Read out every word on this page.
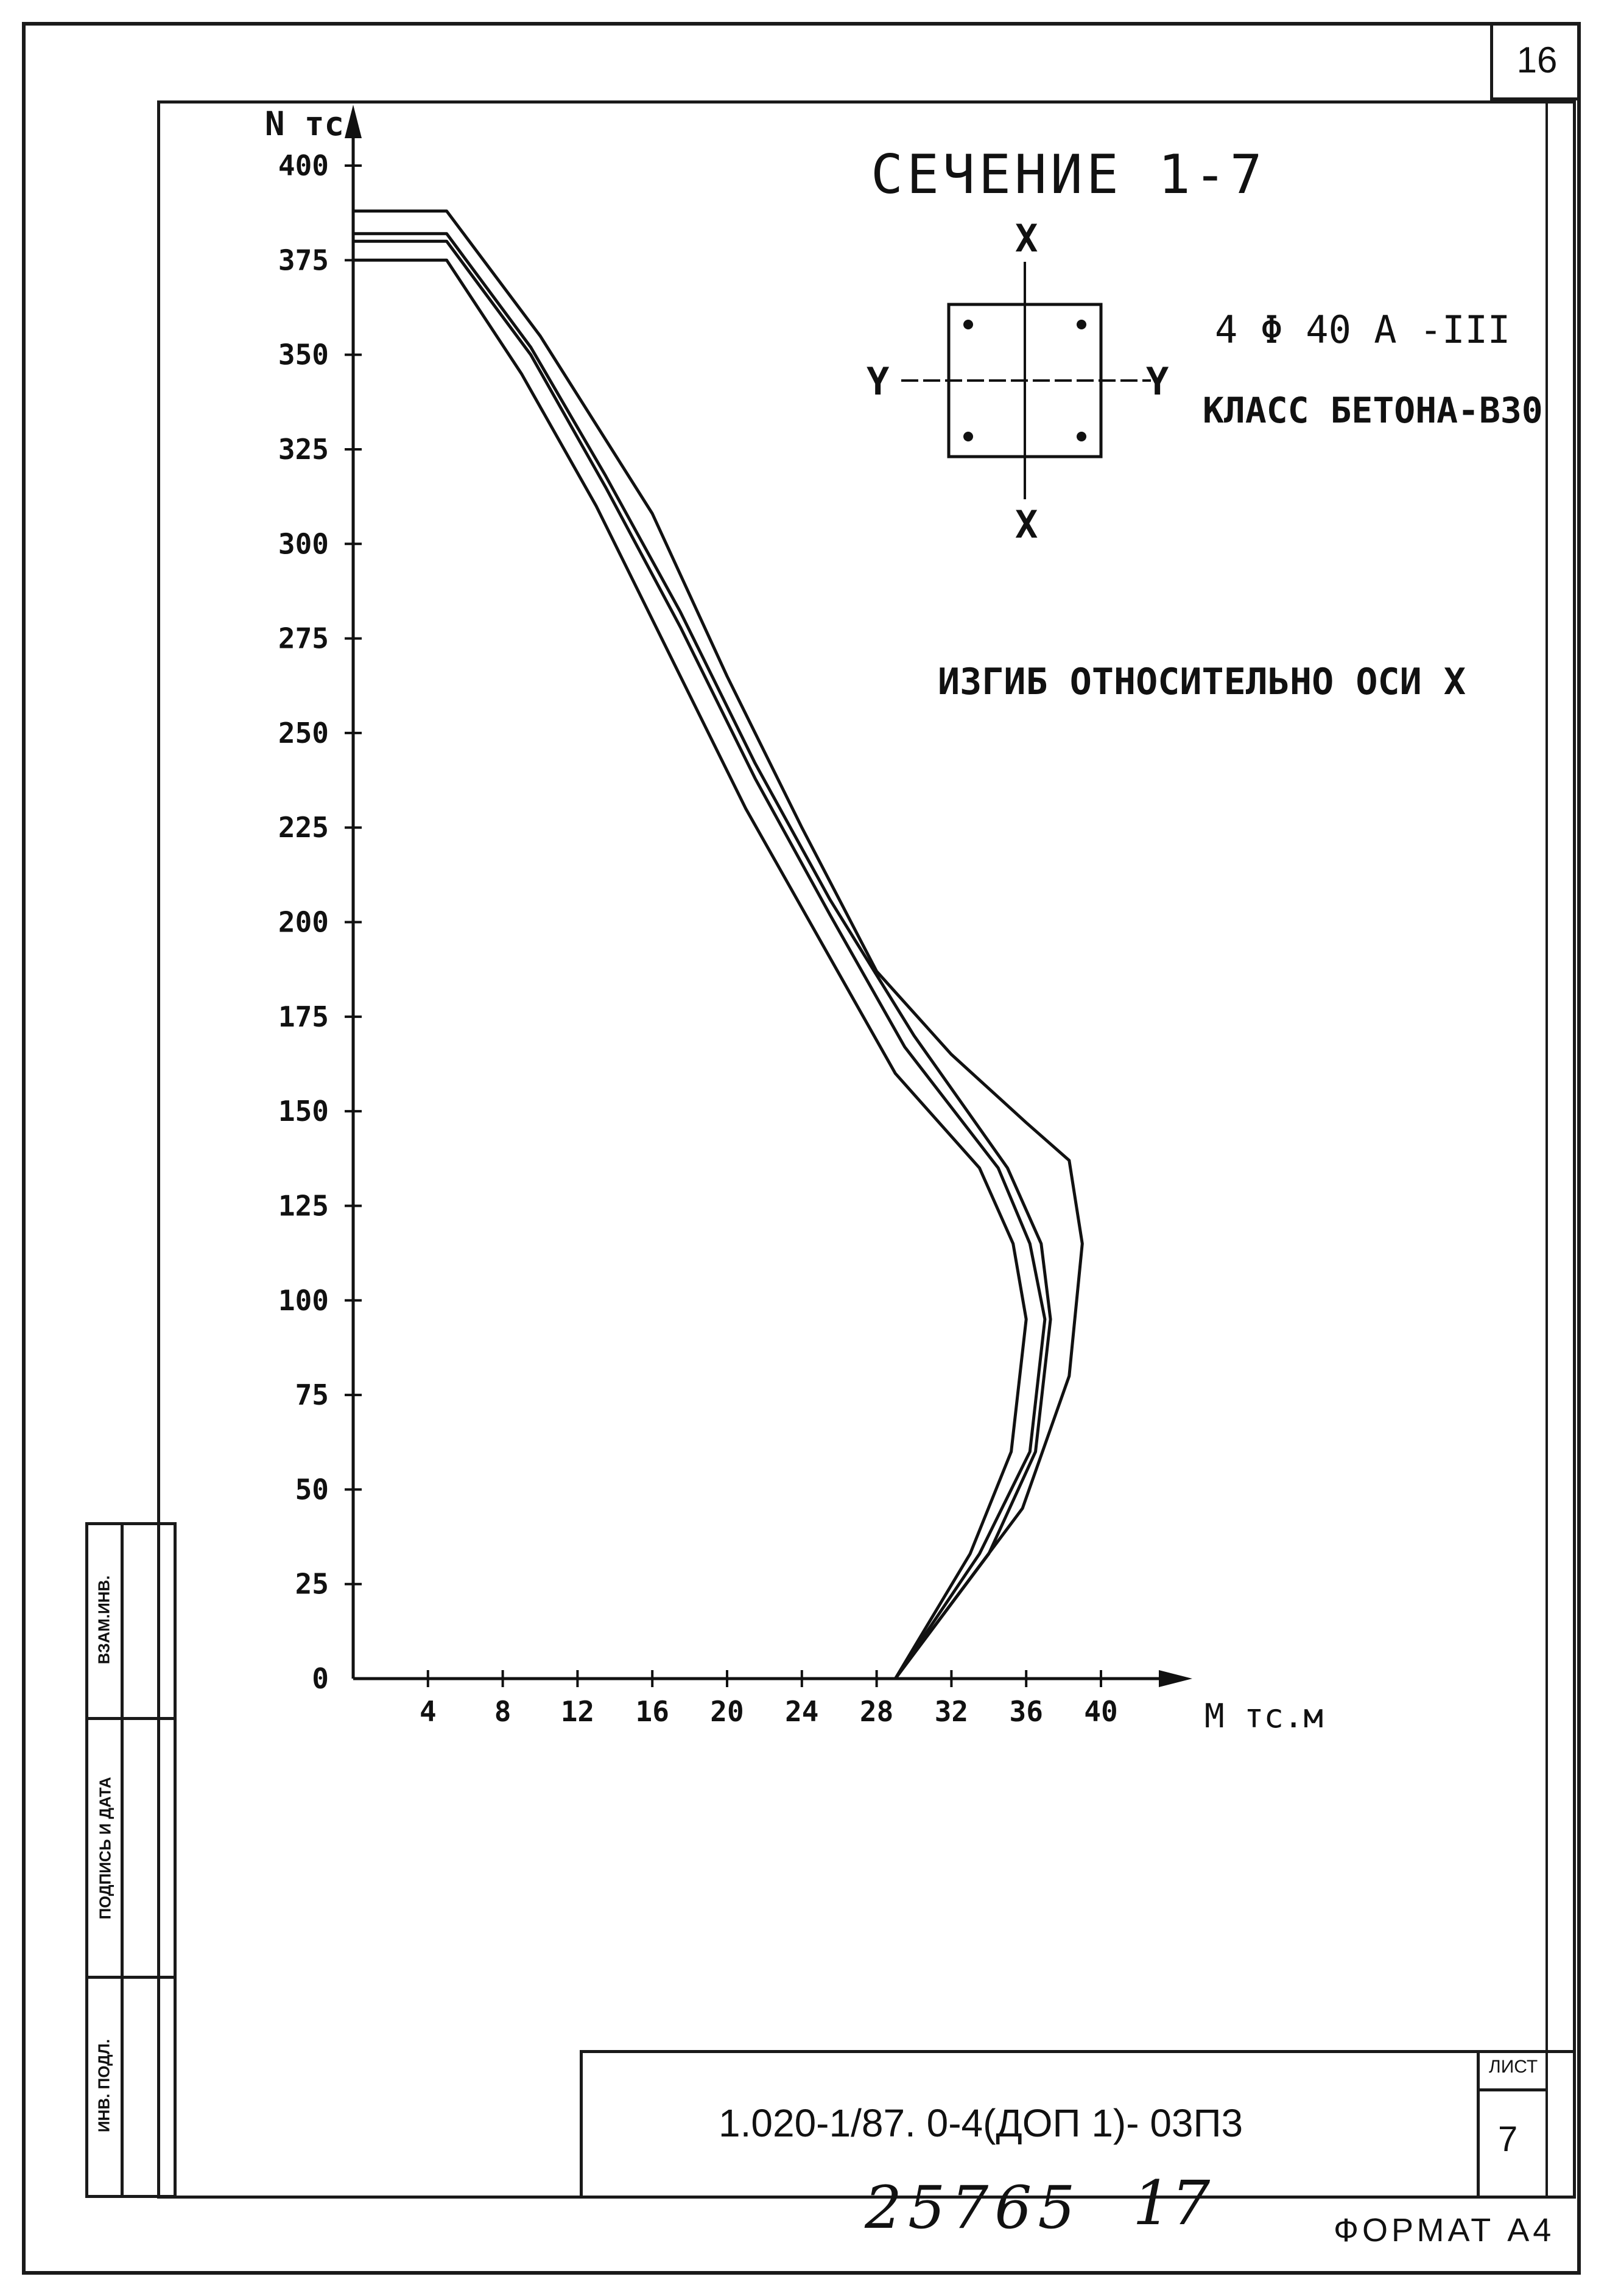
16
СЕЧЕНИЕ 1-7
X
X
Y	Y
4 Φ 40 А -III
КЛАСС БЕТОНА-В30
ИЗГИБ ОТНОСИТЕЛЬНО ОСИ Х
4 8 12 16 20 24 28 32 36 40
0
25
50
75
100
125
150
175
200
225
250
275
300
325
350
375
400
М тс.м
N тс
ВЗАМ.ИНВ.
ПОДПИСЬ И ДАТА
ИНВ. ПОДЛ.	1.020-1/87. 0-4(ДОП 1)- 03П3
ЛИСТ
7
25765 17	ФОРМАТ А4
